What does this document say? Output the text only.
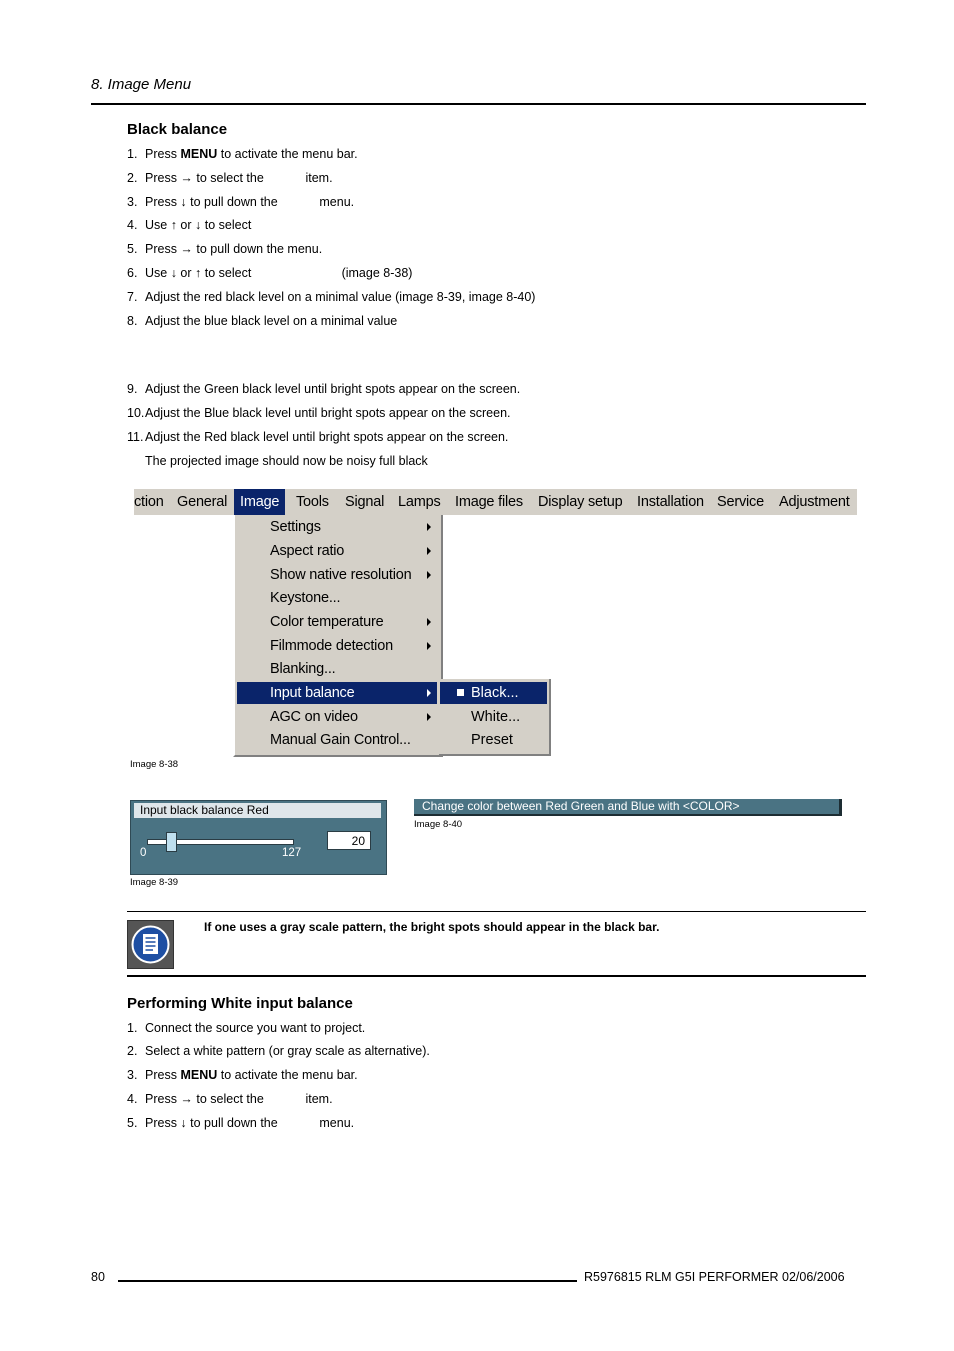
8. Image Menu
Black balance
1. Press MENU to activate the menu bar.
2. Press → to select the            item.
3. Press ↓ to pull down the            menu.
4. Use ↑ or ↓ to select
5. Press → to pull down the menu.
6. Use ↓ or ↑ to select                          (image 8-38)
7. Adjust the red black level on a minimal value (image 8-39, image 8-40)
8. Adjust the blue black level on a minimal value
9. Adjust the Green black level until bright spots appear on the screen.
10. Adjust the Blue black level until bright spots appear on the screen.
11. Adjust the Red black level until bright spots appear on the screen.
The projected image should now be noisy full black
ction General Image	Tools Signal Lamps Image files Display setup Installation Service Adjustment
Settings
Aspect ratio
Show native resolution
Keystone...
Color temperature
Filmmode detection
Blanking...
Input balance
AGC on video
Manual Gain Control...
Black...
White...
Preset
Image 8-38
Input black balance Red
0	127
20
Image 8-39
Change color between Red Green and Blue with <COLOR>
Image 8-40
If one uses a gray scale pattern, the bright spots should appear in the black bar.
Performing White input balance
1. Connect the source you want to project.
2. Select a white pattern (or gray scale as alternative).
3. Press MENU to activate the menu bar.
4. Press → to select the            item.
5. Press ↓ to pull down the            menu.
80	R5976815 RLM G5I PERFORMER 02/06/2006
